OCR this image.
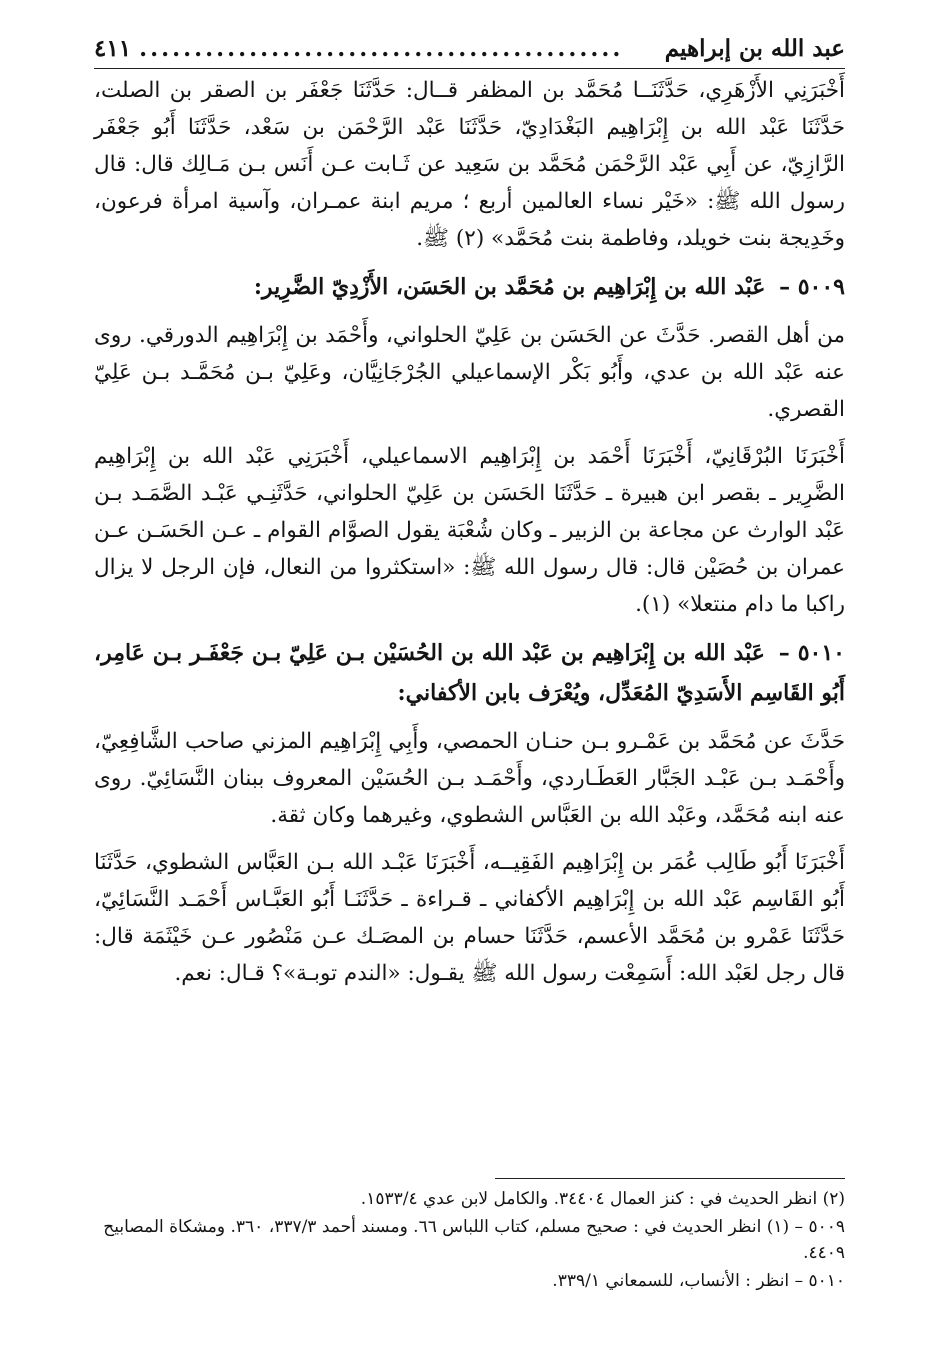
عبد الله بن إبراهيم
............................................
٤١١

أَخْبَرَنِي الأَزْهَرِي، حَدَّثَنَــا مُحَمَّد بن المظفر قــال: حَدَّثَنَا جَعْفَر بن الصقر بن الصلت، حَدَّثَنَا عَبْد الله بن إِبْرَاهِيم البَغْدَادِيّ، حَدَّثَنَا عَبْد الرَّحْمَن بن سَعْد، حَدَّثَنَا أَبُو جَعْفَر الرَّازِيّ، عن أَبِي عَبْد الرَّحْمَن مُحَمَّد بن سَعِيد عن ثَـابت عـن أَنَس بـن مَـالِك قال: قال رسول الله ﷺ: «خَيْر نساء العالمين أربع ؛ مريم ابنة عمـران، وآسية امرأة فرعون، وخَدِيجة بنت خويلد، وفاطمة بنت مُحَمَّد» (٢) ﷺ.

٥٠٠٩ – عَبْد الله بن إِبْرَاهِيم بن مُحَمَّد بن الحَسَن، الأَزْدِيّ الضَّرِير:

من أهل القصر. حَدَّثَ عن الحَسَن بن عَلِيّ الحلواني، وأَحْمَد بن إِبْرَاهِيم الدورقي. روى عنه عَبْد الله بن عدي، وأَبُو بَكْر الإسماعيلي الجُرْجَانِيَّان، وعَلِيّ بـن مُحَمَّـد بـن عَلِيّ القصري.

أَخْبَرَنَا البُرْقَانِيّ، أَخْبَرَنَا أَحْمَد بن إِبْرَاهِيم الاسماعيلي، أَخْبَرَنِي عَبْد الله بن إِبْرَاهِيم الضَّرِير ـ بقصر ابن هبيرة ـ حَدَّثَنَا الحَسَن بن عَلِيّ الحلواني، حَدَّثَنِـي عَبْـد الصَّمَـد بـن عَبْد الوارث عن مجاعة بن الزبير ـ وكان شُعْبَة يقول الصوَّام القوام ـ عـن الحَسَـن عـن عمران بن حُصَيْن قال: قال رسول الله ﷺ: «استكثروا من النعال، فإن الرجل لا يزال راكبا ما دام منتعلا» (١).

٥٠١٠ – عَبْد الله بن إِبْرَاهِيم بن عَبْد الله بن الحُسَيْن بـن عَلِيّ بـن جَعْفَـر بـن عَامِر، أَبُو القَاسِم الأَسَدِيّ المُعَدِّل، ويُعْرَف بابن الأكفاني:

حَدَّثَ عن مُحَمَّد بن عَمْـرو بـن حنـان الحمصي، وأَبِي إِبْرَاهِيم المزني صاحب الشَّافِعِيّ، وأَحْمَـد بـن عَبْـد الجَبَّار العَطَـاردي، وأَحْمَـد بـن الحُسَيْن المعروف ببنان النَّسَائِيّ. روى عنه ابنه مُحَمَّد، وعَبْد الله بن العَبَّاس الشطوي، وغيرهما وكان ثقة.

أَخْبَرَنَا أَبُو طَالِب عُمَر بن إِبْرَاهِيم الفَقِيــه، أَخْبَرَنَا عَبْـد الله بـن العَبَّاس الشطوي، حَدَّثَنَا أَبُو القَاسِم عَبْد الله بن إِبْرَاهِيم الأكفاني ـ قـراءة ـ حَدَّثَنَـا أَبُو العَبَّـاس أَحْمَـد النَّسَائِيّ، حَدَّثَنَا عَمْرو بن مُحَمَّد الأعسم، حَدَّثَنَا حسام بن المصَـك عـن مَنْصُور عـن خَيْثَمَة قال: قال رجل لعَبْد الله: أَسَمِعْت رسول الله ﷺ يقـول: «الندم توبـة»؟ قـال: نعم.

(٢) انظر الحديث في : كنز العمال ٣٤٤٠٤. والكامل لابن عدي ١٥٣٣/٤.
٥٠٠٩ – (١) انظر الحديث في : صحيح مسلم، كتاب اللباس ٦٦. ومسند أحمد ٣٣٧/٣، ٣٦٠. ومشكاة المصابيح ٤٤٠٩.
٥٠١٠ – انظر : الأنساب، للسمعاني ٣٣٩/١.
